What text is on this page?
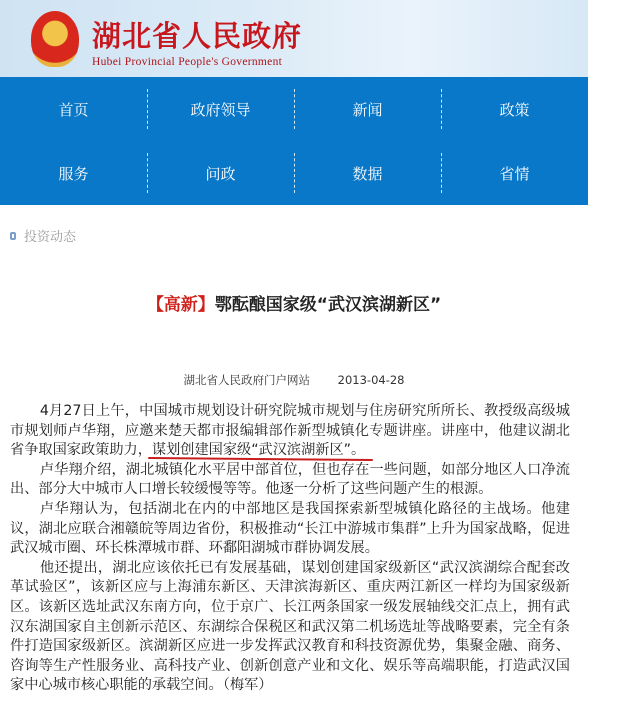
湖北省人民政府
Hubei Provincial People's Government
首页	政府领导	新闻	政策
服务	问政	数据	省情
投资动态
【高新】鄂酝酿国家级“武汉滨湖新区”
湖北省人民政府门户网站 2013-04-28

4月27日上午，中国城市规划设计研究院城市规划与住房研究所所长、教授级高级城市规划师卢华翔，应邀来楚天都市报编辑部作新型城镇化专题讲座。讲座中，他建议湖北省争取国家政策助力，谋划创建国家级“武汉滨湖新区”。

卢华翔介绍，湖北城镇化水平居中部首位，但也存在一些问题，如部分地区人口净流出、部分大中城市人口增长较缓慢等等。他逐一分析了这些问题产生的根源。

卢华翔认为，包括湖北在内的中部地区是我国探索新型城镇化路径的主战场。他建议，湖北应联合湘赣皖等周边省份，积极推动“长江中游城市集群”上升为国家战略，促进武汉城市圈、环长株潭城市群、环鄱阳湖城市群协调发展。

他还提出，湖北应该依托已有发展基础，谋划创建国家级新区“武汉滨湖综合配套改革试验区”，该新区应与上海浦东新区、天津滨海新区、重庆两江新区一样均为国家级新区。该新区选址武汉东南方向，位于京广、长江两条国家一级发展轴线交汇点上，拥有武汉东湖国家自主创新示范区、东湖综合保税区和武汉第二机场选址等战略要素，完全有条件打造国家级新区。滨湖新区应进一步发挥武汉教育和科技资源优势，集聚金融、商务、咨询等生产性服务业、高科技产业、创新创意产业和文化、娱乐等高端职能，打造武汉国家中心城市核心职能的承载空间。（梅军）
